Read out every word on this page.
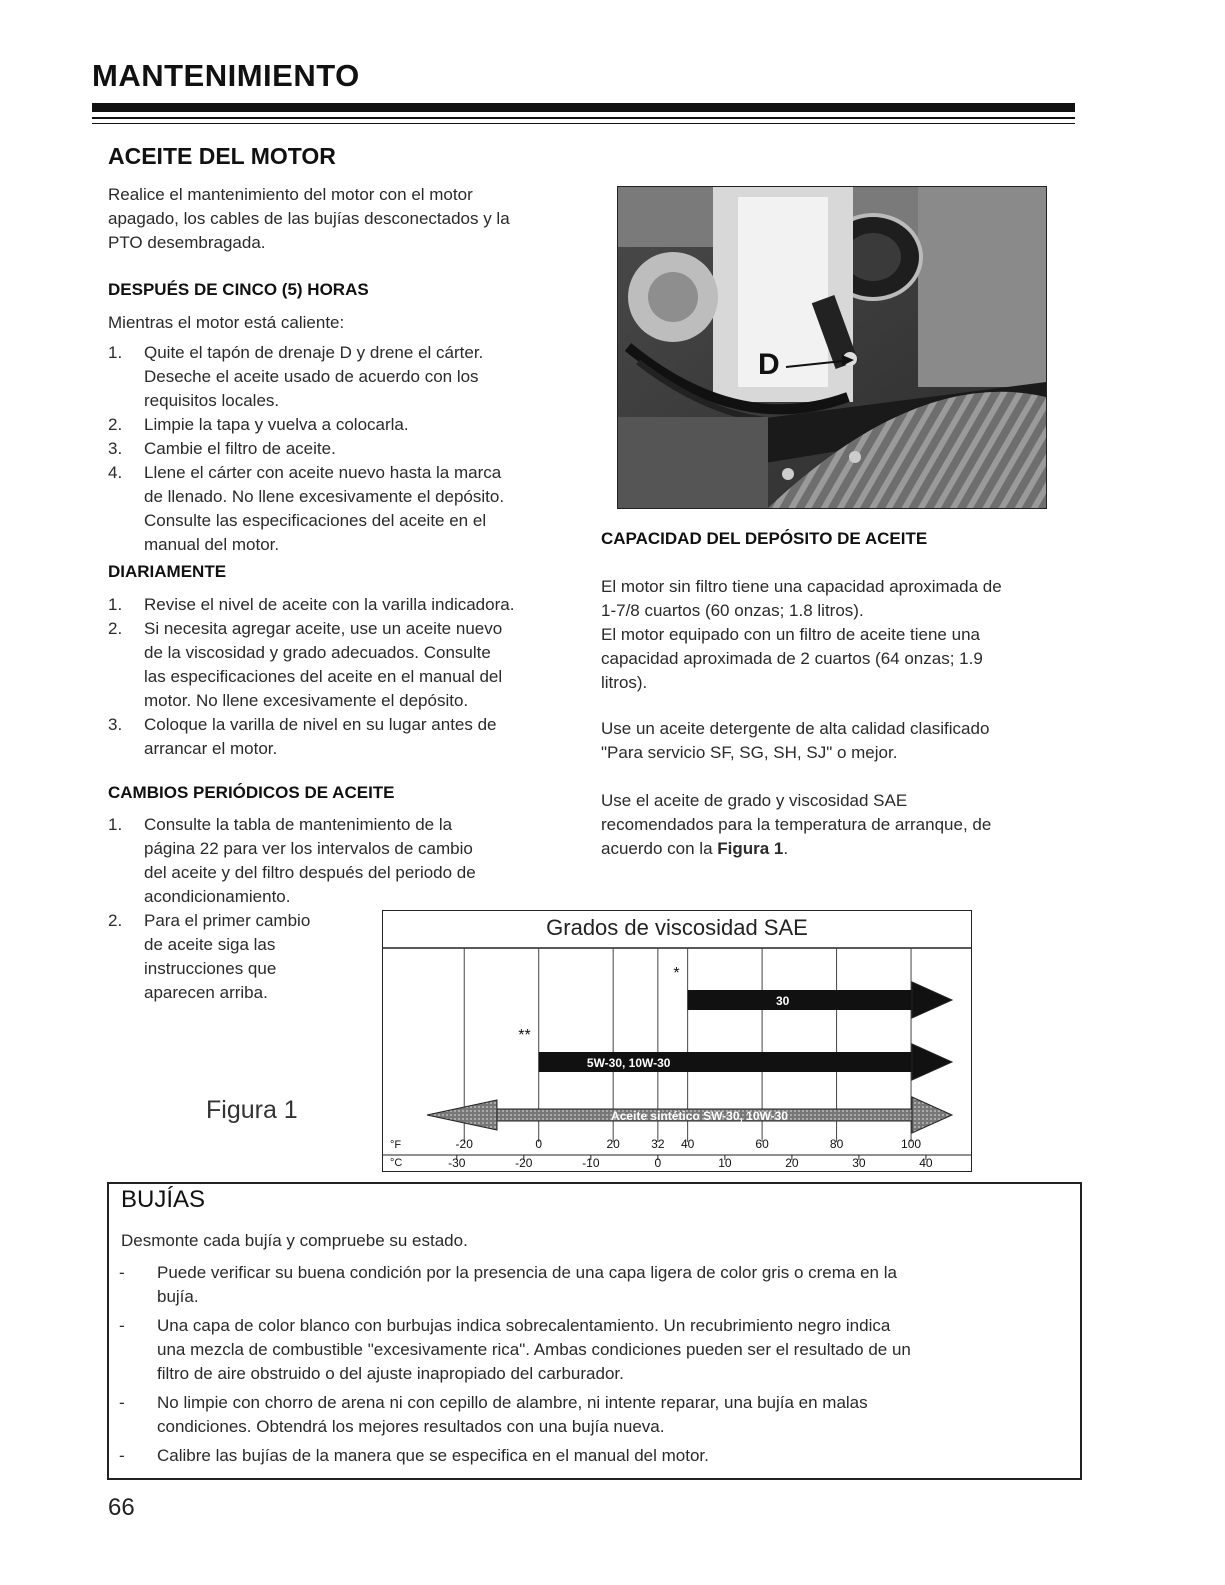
MANTENIMIENTO
ACEITE DEL MOTOR
Realice el mantenimiento del motor con el motor
apagado, los cables de las bujías desconectados y la
PTO desembragada.
DESPUÉS DE CINCO (5) HORAS
Mientras el motor está caliente:
1. Quite el tapón de drenaje D y drene el cárter.
Deseche el aceite usado de acuerdo con los
requisitos locales.
2. Limpie la tapa y vuelva a colocarla.
3. Cambie el filtro de aceite.
4. Llene el cárter con aceite nuevo hasta la marca
de llenado. No llene excesivamente el depósito.
Consulte las especificaciones del aceite en el
manual del motor.
DIARIAMENTE
1. Revise el nivel de aceite con la varilla indicadora.
2. Si necesita agregar aceite, use un aceite nuevo
de la viscosidad y grado adecuados. Consulte
las especificaciones del aceite en el manual del
motor. No llene excesivamente el depósito.
3. Coloque la varilla de nivel en su lugar antes de
arrancar el motor.
CAMBIOS PERIÓDICOS DE ACEITE
1. Consulte la tabla de mantenimiento de la
página 22 para ver los intervalos de cambio
del aceite y del filtro después del periodo de
acondicionamiento.
2. Para el primer cambio
de aceite siga las
instrucciones que
aparecen arriba.
Figura 1
D
CAPACIDAD DEL DEPÓSITO DE ACEITE
El motor sin filtro tiene una capacidad aproximada de
1-7/8 cuartos (60 onzas; 1.8 litros).
El motor equipado con un filtro de aceite tiene una
capacidad aproximada de 2 cuartos (64 onzas; 1.9
litros).
Use un aceite detergente de alta calidad clasificado
"Para servicio SF, SG, SH, SJ" o mejor.
Use el aceite de grado y viscosidad SAE
recomendados para la temperatura de arranque, de
acuerdo con la Figura 1.
Grados de viscosidad SAE
30
*
5W-30, 10W-30
**
Aceite sintético SW-30, 10W-30
°F
°C
-20	0	20	32 40	60	80	100
-30	-20	-10	0	10	20	30	40
BUJÍAS
Desmonte cada bujía y compruebe su estado.
- Puede verificar su buena condición por la presencia de una capa ligera de color gris o crema en la
bujía.
- Una capa de color blanco con burbujas indica sobrecalentamiento. Un recubrimiento negro indica
una mezcla de combustible "excesivamente rica". Ambas condiciones pueden ser el resultado de un
filtro de aire obstruido o del ajuste inapropiado del carburador.
- No limpie con chorro de arena ni con cepillo de alambre, ni intente reparar, una bujía en malas
condiciones. Obtendrá los mejores resultados con una bujía nueva.
- Calibre las bujías de la manera que se especifica en el manual del motor.
66
